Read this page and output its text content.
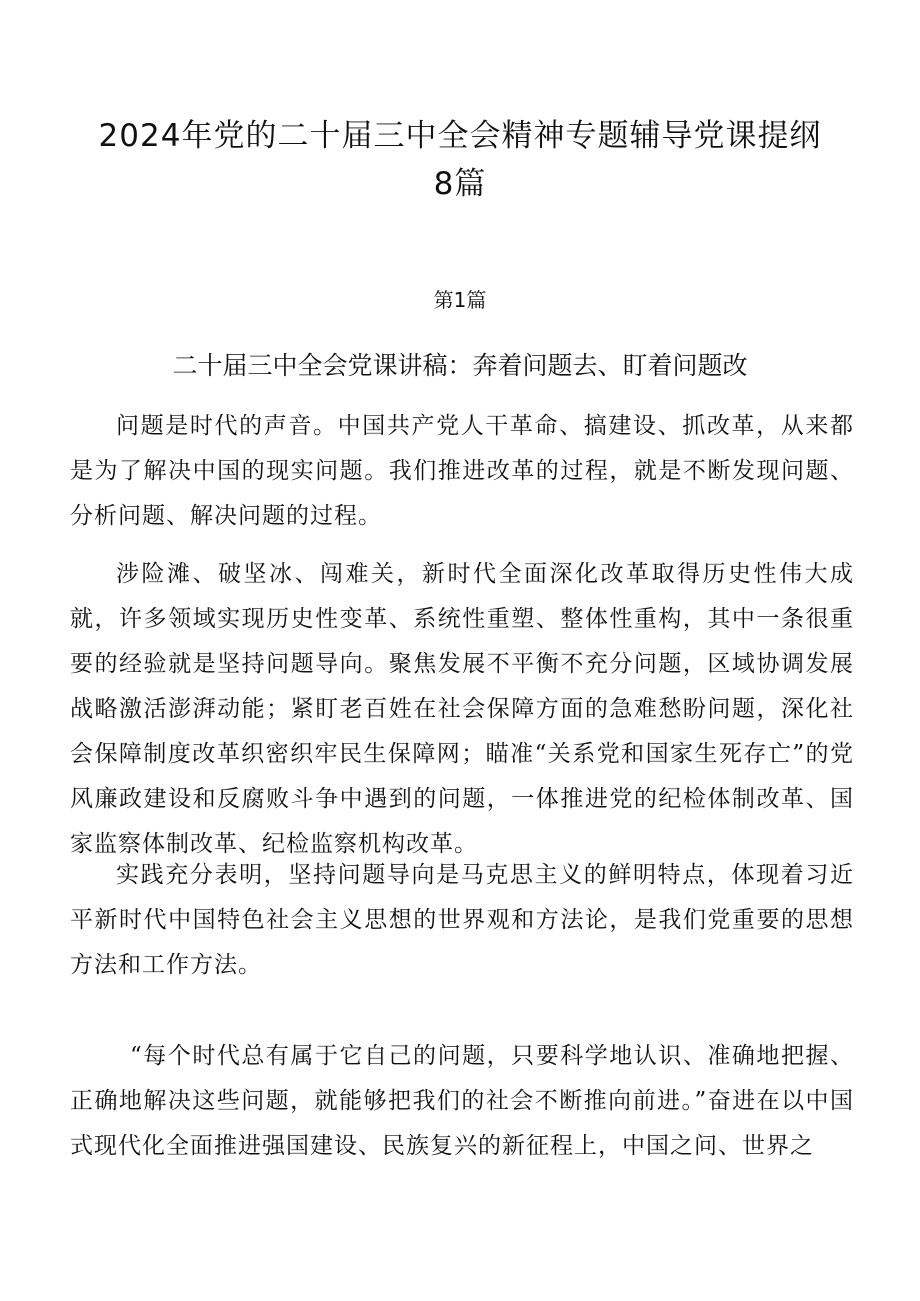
2024年党的二十届三中全会精神专题辅导党课提纲
8篇
第1篇
二十届三中全会党课讲稿：奔着问题去、盯着问题改

问题是时代的声音。中国共产党人干革命、搞建设、抓改革，从来都是为了解决中国的现实问题。我们推进改革的过程，就是不断发现问题、分析问题、解决问题的过程。

涉险滩、破坚冰、闯难关，新时代全面深化改革取得历史性伟大成就，许多领域实现历史性变革、系统性重塑、整体性重构，其中一条很重要的经验就是坚持问题导向。聚焦发展不平衡不充分问题，区域协调发展战略激活澎湃动能；紧盯老百姓在社会保障方面的急难愁盼问题，深化社会保障制度改革织密织牢民生保障网；瞄准“关系党和国家生死存亡”的党风廉政建设和反腐败斗争中遇到的问题，一体推进党的纪检体制改革、国家监察体制改革、纪检监察机构改革。

实践充分表明，坚持问题导向是马克思主义的鲜明特点，体现着习近平新时代中国特色社会主义思想的世界观和方法论，是我们党重要的思想方法和工作方法。

“每个时代总有属于它自己的问题，只要科学地认识、准确地把握、正确地解决这些问题，就能够把我们的社会不断推向前进。”奋进在以中国式现代化全面推进强国建设、民族复兴的新征程上，中国之问、世界之
